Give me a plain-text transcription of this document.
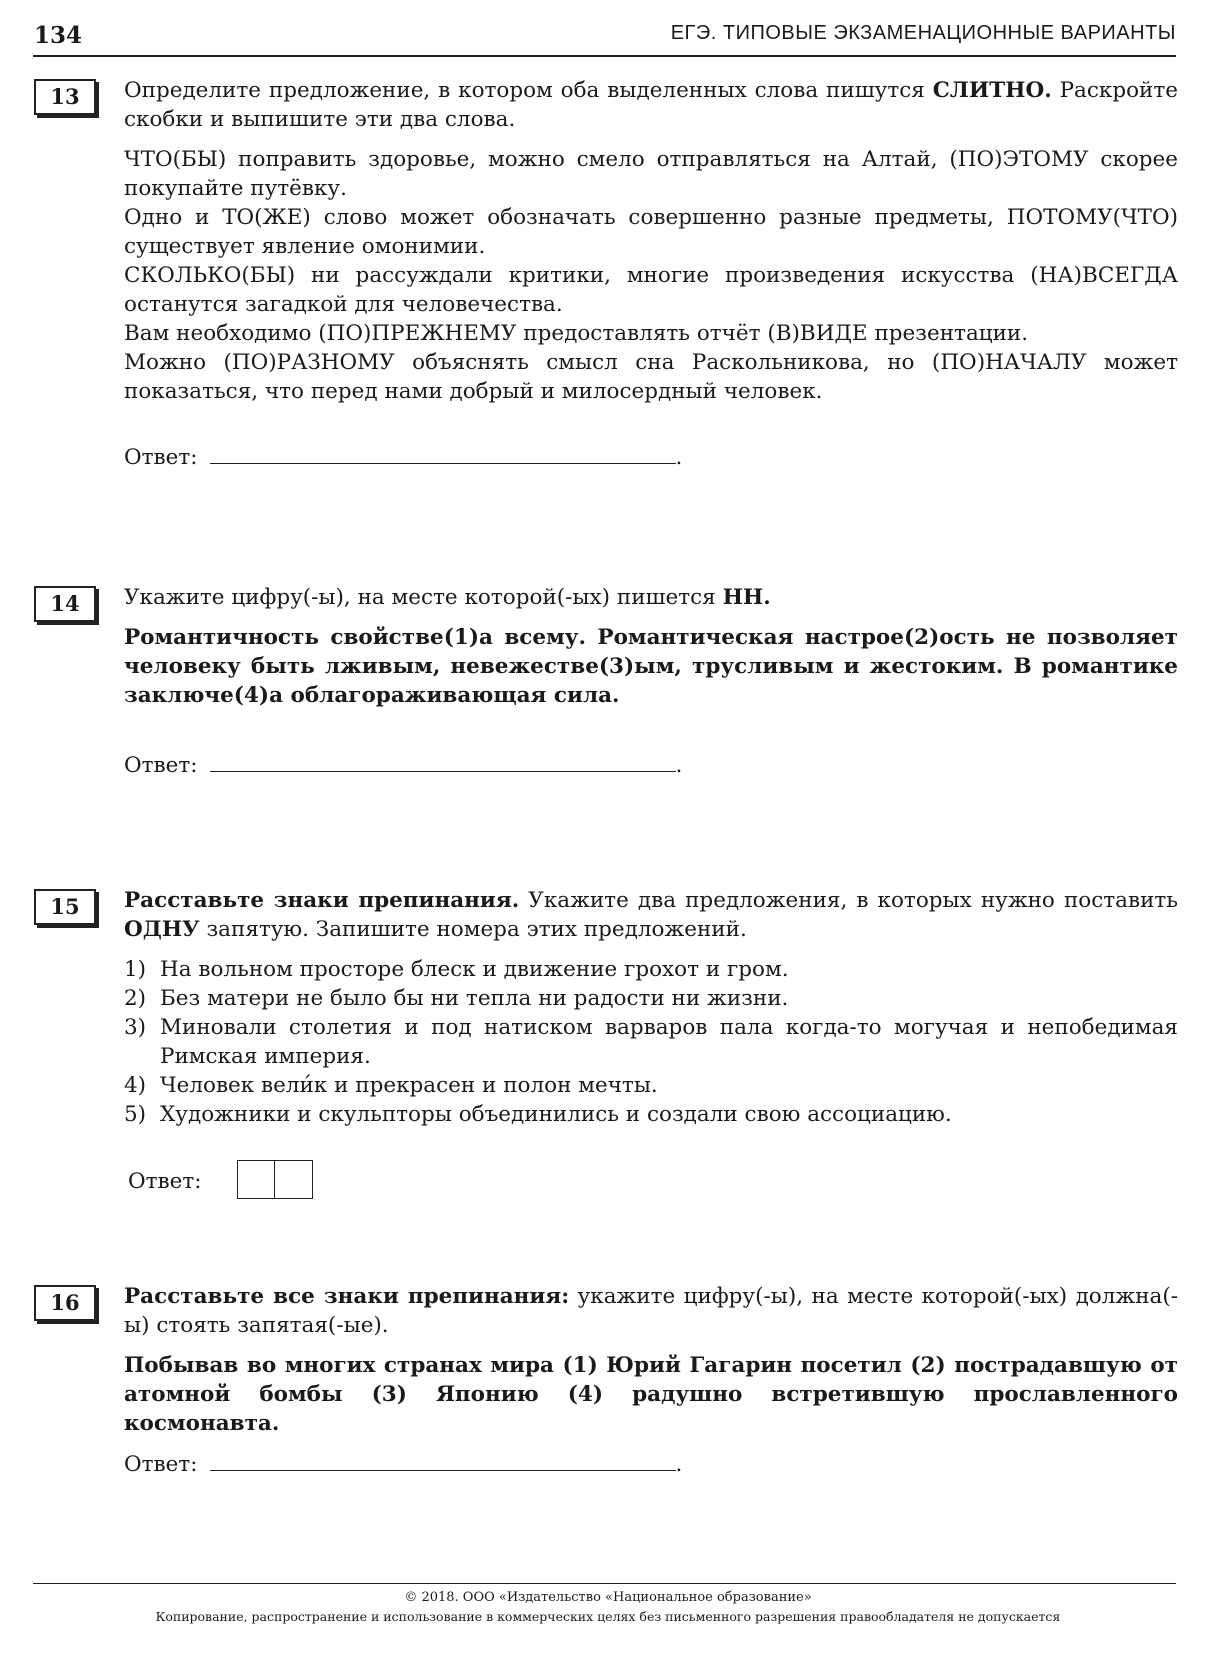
134	ЕГЭ. ТИПОВЫЕ ЭКЗАМЕНАЦИОННЫЕ ВАРИАНТЫ
13	Определите предложение, в котором оба выделенных слова пишутся СЛИТНО. Раскройте скобки и выпишите эти два слова.

ЧТО(БЫ) поправить здоровье, можно смело отправляться на Алтай, (ПО)ЭТОМУ скорее покупайте путёвку.

Одно и ТО(ЖЕ) слово может обозначать совершенно разные предметы, ПОТОМУ(ЧТО) существует явление омонимии.

СКОЛЬКО(БЫ) ни рассуждали критики, многие произведения искусства (НА)ВСЕГДА останутся загадкой для человечества.

Вам необходимо (ПО)ПРЕЖНЕМУ предоставлять отчёт (В)ВИДЕ презентации.

Можно (ПО)РАЗНОМУ объяснять смысл сна Раскольникова, но (ПО)НАЧАЛУ может показаться, что перед нами добрый и милосердный человек.

Ответ:	.
14	Укажите цифру(-ы), на месте которой(-ых) пишется НН.

Романтичность свойстве(1)а всему. Романтическая настрое(2)ость не позволяет человеку быть лживым, невежестве(3)ым, трусливым и жестоким. В романтике заключе(4)а облагораживающая сила.

Ответ:	.
15	Расставьте знаки препинания. Укажите два предложения, в которых нужно поставить ОДНУ запятую. Запишите номера этих предложений.

1) На вольном просторе блеск и движение грохот и гром.
2) Без матери не было бы ни тепла ни радости ни жизни.
3) Миновали столетия и под натиском варваров пала когда-то могучая и непобедимая Римская империя.
4) Человек вели́к и прекрасен и полон мечты.
5) Художники и скульпторы объединились и создали свою ассоциацию.
Ответ:
16	Расставьте все знаки препинания: укажите цифру(-ы), на месте которой(-ых) должна(-ы) стоять запятая(-ые).

Побывав во многих странах мира (1) Юрий Гагарин посетил (2) пострадавшую от атомной бомбы (3) Японию (4) радушно встретившую прославленного космонавта.

Ответ:	.
© 2018. ООО «Издательство «Национальное образование»
Копирование, распространение и использование в коммерческих целях без письменного разрешения правообладателя не допускается
